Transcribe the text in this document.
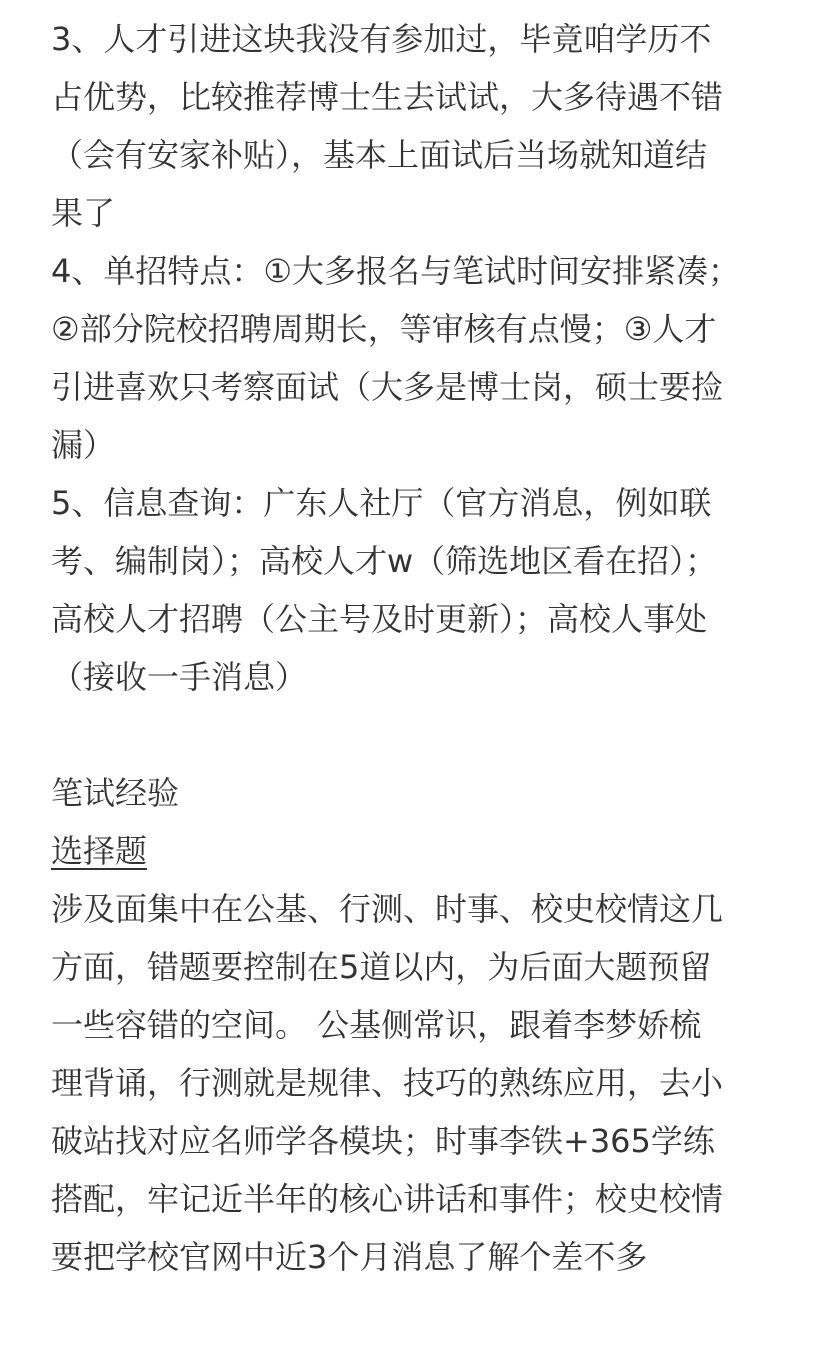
3、人才引进这块我没有参加过，毕竟咱学历不
占优势，比较推荐博士生去试试，大多待遇不错
（会有安家补贴），基本上面试后当场就知道结
果了
4、单招特点：①大多报名与笔试时间安排紧凑；
②部分院校招聘周期长，等审核有点慢；③人才
引进喜欢只考察面试（大多是博士岗，硕士要捡
漏）
5、信息查询：广东人社厅（官方消息，例如联
考、编制岗）；高校人才w（筛选地区看在招）；
高校人才招聘（公主号及时更新）；高校人事处
（接收一手消息）
笔试经验
选择题
涉及面集中在公基、行测、时事、校史校情这几
方面，错题要控制在5道以内，为后面大题预留
一些容错的空间。 公基侧常识，跟着李梦娇梳
理背诵，行测就是规律、技巧的熟练应用，去小
破站找对应名师学各模块；时事李铁+365学练
搭配，牢记近半年的核心讲话和事件；校史校情
要把学校官网中近3个月消息了解个差不多
